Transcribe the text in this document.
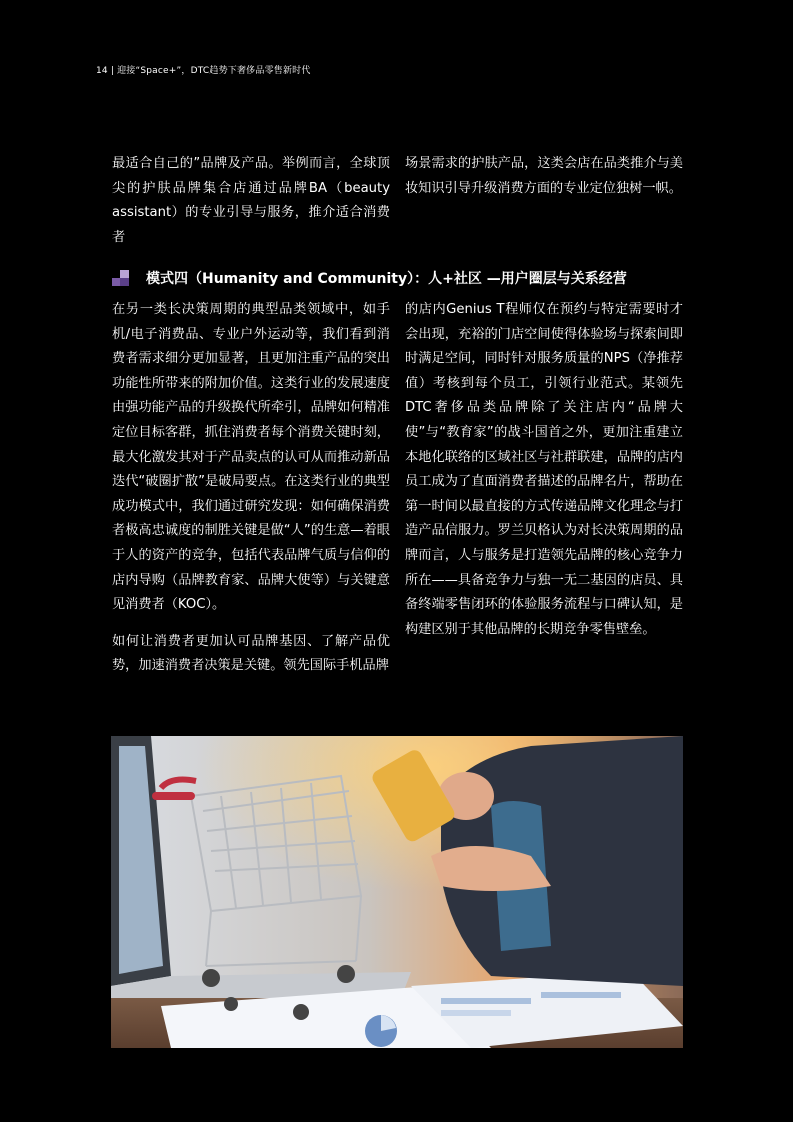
14 | 迎接“Space+”，DTC趋势下奢侈品零售新时代

最适合自己的”品牌及产品。举例而言，全球顶尖的护肤品牌集合店通过品牌BA（beauty assistant）的专业引导与服务，推介适合消费者

场景需求的护肤产品，这类会店在品类推介与美妆知识引导升级消费方面的专业定位独树一帜。

模式四（Humanity and Community）：人+社区 —用户圈层与关系经营

在另一类长决策周期的典型品类领域中，如手机/电子消费品、专业户外运动等，我们看到消费者需求细分更加显著，且更加注重产品的突出功能性所带来的附加价值。这类行业的发展速度由强功能产品的升级换代所牵引，品牌如何精准定位目标客群，抓住消费者每个消费关键时刻，最大化激发其对于产品卖点的认可从而推动新品迭代“破圈扩散”是破局要点。在这类行业的典型成功模式中，我们通过研究发现：如何确保消费者极高忠诚度的制胜关键是做“人”的生意—着眼于人的资产的竞争，包括代表品牌气质与信仰的店内导购（品牌教育家、品牌大使等）与关键意见消费者（KOC）。

如何让消费者更加认可品牌基因、了解产品优势，加速消费者决策是关键。领先国际手机品牌

的店内Genius T程师仅在预约与特定需要时才会出现，充裕的门店空间使得体验场与探索间即时满足空间，同时针对服务质量的NPS（净推荐值）考核到每个员工，引领行业范式。某领先DTC奢侈品类品牌除了关注店内“品牌大使”与“教育家”的战斗国首之外，更加注重建立本地化联络的区域社区与社群联建，品牌的店内员工成为了直面消费者描述的品牌名片，帮助在第一时间以最直接的方式传递品牌文化理念与打造产品信服力。罗兰贝格认为对长决策周期的品牌而言，人与服务是打造领先品牌的核心竞争力所在——具备竞争力与独一无二基因的店员、具备终端零售闭环的体验服务流程与口碑认知，是构建区别于其他品牌的长期竞争零售壁垒。
